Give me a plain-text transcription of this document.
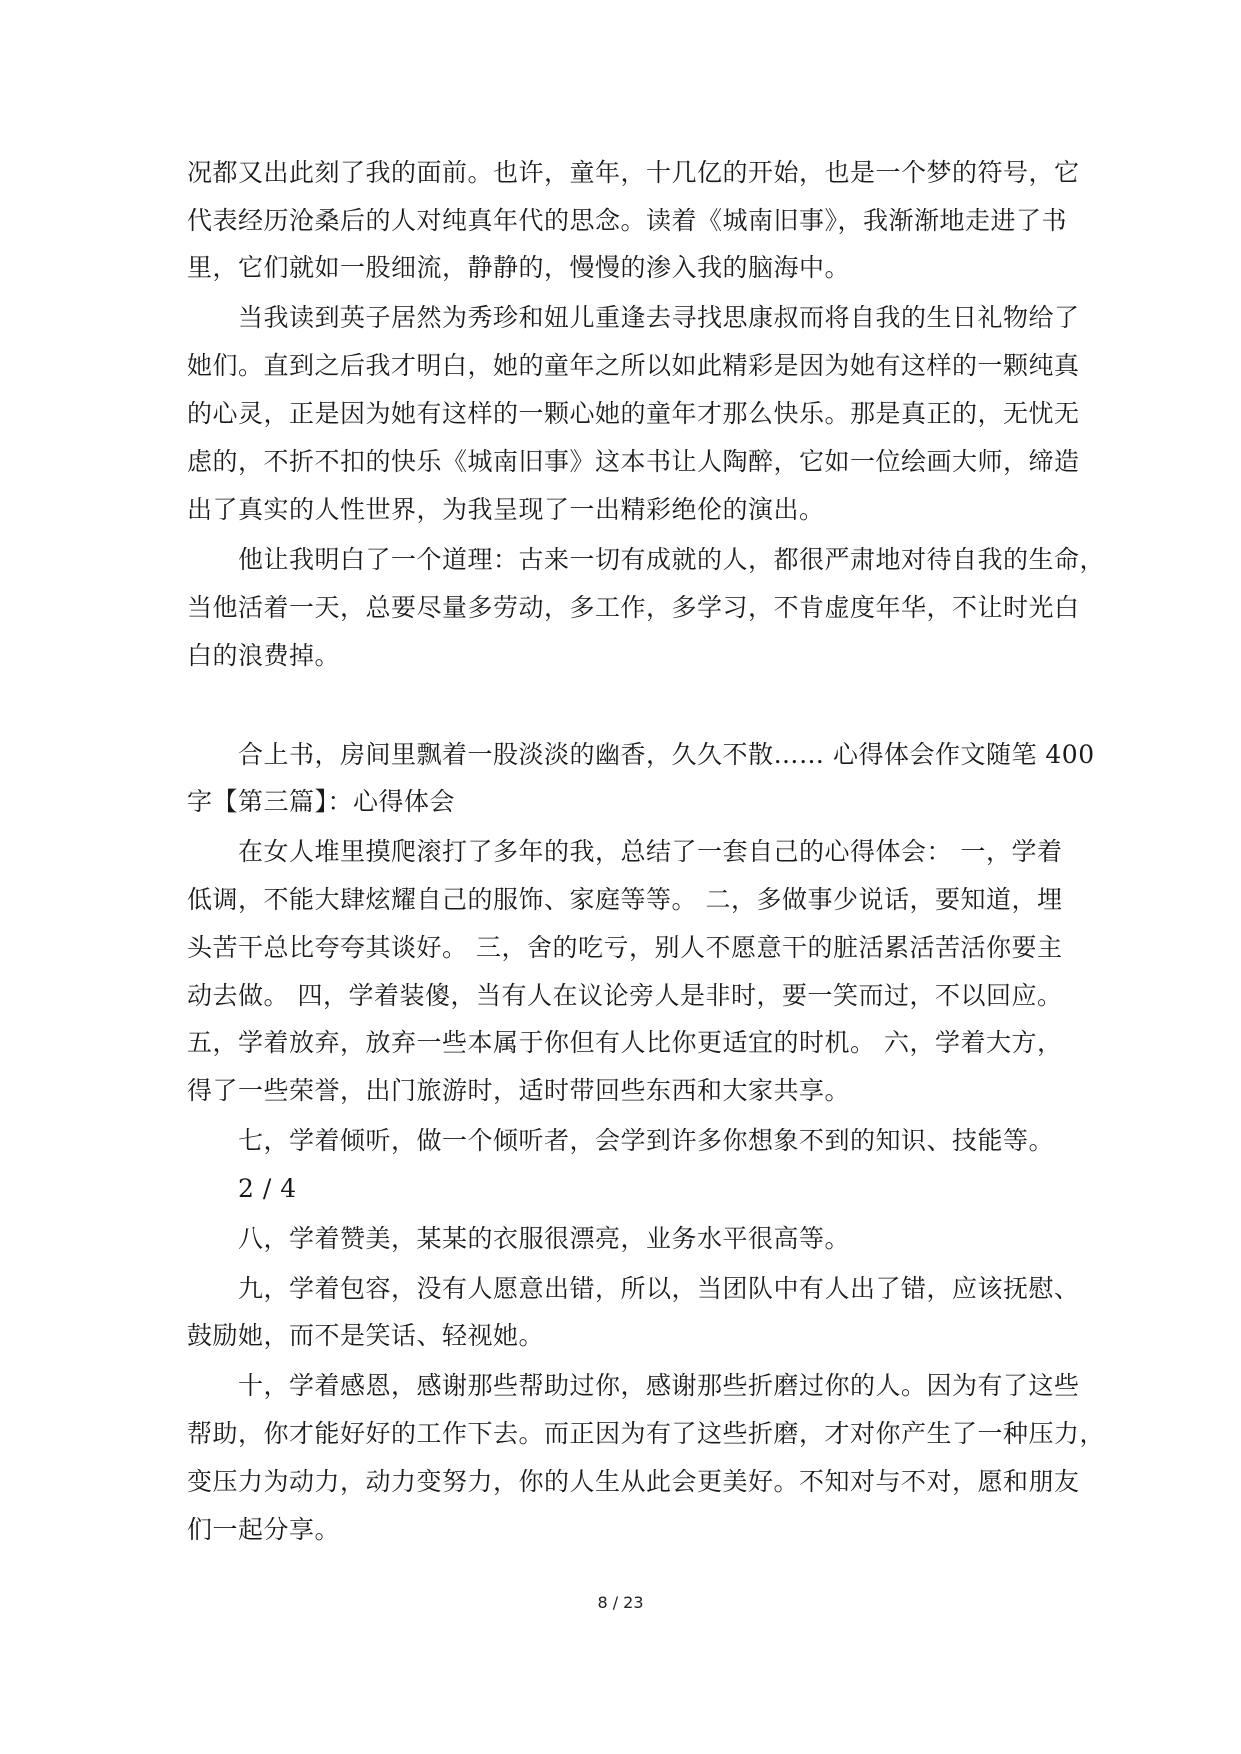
况都又出此刻了我的面前。也许，童年，十几亿的开始，也是一个梦的符号，它
代表经历沧桑后的人对纯真年代的思念。读着《城南旧事》，我渐渐地走进了书
里，它们就如一股细流，静静的，慢慢的渗入我的脑海中。
当我读到英子居然为秀珍和妞儿重逢去寻找思康叔而将自我的生日礼物给了
她们。直到之后我才明白，她的童年之所以如此精彩是因为她有这样的一颗纯真
的心灵，正是因为她有这样的一颗心她的童年才那么快乐。那是真正的，无忧无
虑的，不折不扣的快乐《城南旧事》这本书让人陶醉，它如一位绘画大师，缔造
出了真实的人性世界，为我呈现了一出精彩绝伦的演出。
他让我明白了一个道理：古来一切有成就的人，都很严肃地对待自我的生命，
当他活着一天，总要尽量多劳动，多工作，多学习，不肯虚度年华，不让时光白
白的浪费掉。
合上书，房间里飘着一股淡淡的幽香，久久不散…… 心得体会作文随笔 400
字【第三篇】：心得体会
在女人堆里摸爬滚打了多年的我，总结了一套自己的心得体会： 一，学着
低调，不能大肆炫耀自己的服饰、家庭等等。 二，多做事少说话，要知道，埋
头苦干总比夸夸其谈好。 三，舍的吃亏，别人不愿意干的脏活累活苦活你要主
动去做。 四，学着装傻，当有人在议论旁人是非时，要一笑而过，不以回应。
五，学着放弃，放弃一些本属于你但有人比你更适宜的时机。 六，学着大方，
得了一些荣誉，出门旅游时，适时带回些东西和大家共享。
七，学着倾听，做一个倾听者，会学到许多你想象不到的知识、技能等。
2 / 4
八，学着赞美，某某的衣服很漂亮，业务水平很高等。
九，学着包容，没有人愿意出错，所以，当团队中有人出了错，应该抚慰、
鼓励她，而不是笑话、轻视她。
十，学着感恩，感谢那些帮助过你，感谢那些折磨过你的人。因为有了这些
帮助，你才能好好的工作下去。而正因为有了这些折磨，才对你产生了一种压力，
变压力为动力，动力变努力，你的人生从此会更美好。不知对与不对，愿和朋友
们一起分享。
8 / 23
